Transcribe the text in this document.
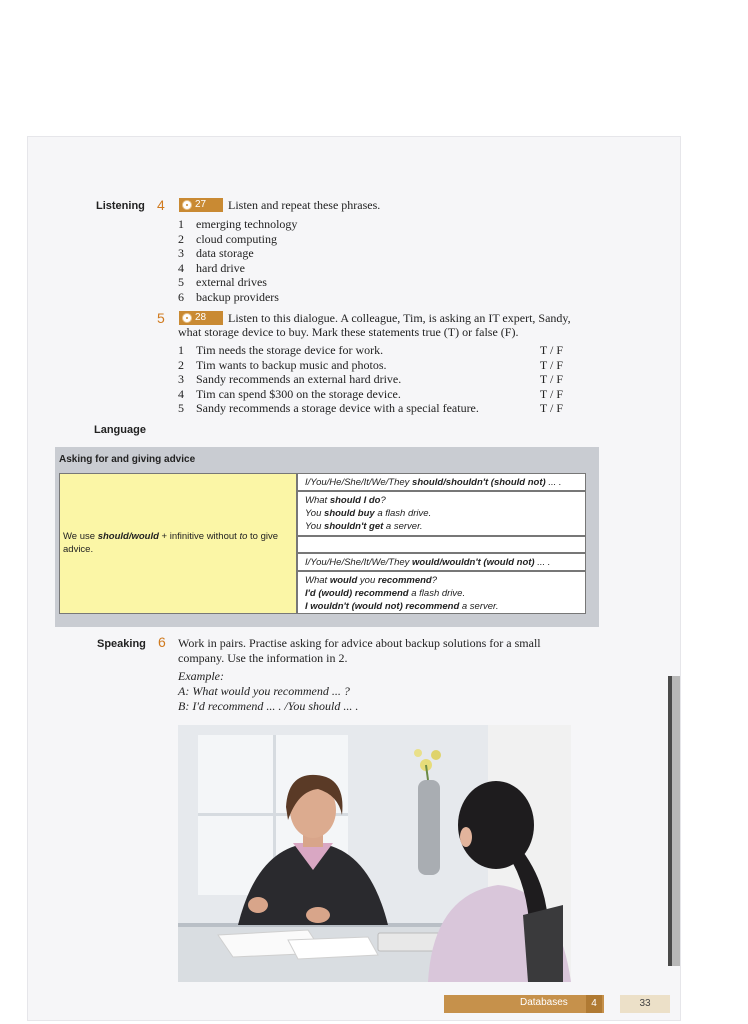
Listening 4	27 Listen and repeat these phrases.
1	emerging technology
2	cloud computing
3	data storage
4	hard drive
5	external drives
6	backup providers
5	28 Listen to this dialogue. A colleague, Tim, is asking an IT expert, Sandy,
what storage device to buy. Mark these statements true (T) or false (F).
1 Tim needs the storage device for work.	T / F
2 Tim wants to backup music and photos.	T / F
3 Sandy recommends an external hard drive.	T / F
4 Tim can spend $300 on the storage device.	T / F
5 Sandy recommends a storage device with a special feature.	T / F
Language
Asking for and giving advice
We use should/would + infinitive without to to give advice.
I/You/He/She/It/We/They should/shouldn't (should not) ... .
What should I do?
You should buy a flash drive.
You shouldn't get a server.
I/You/He/She/It/We/They would/wouldn't (would not) ... .
What would you recommend?
I'd (would) recommend a flash drive.
I wouldn't (would not) recommend a server.
Speaking 6 Work in pairs. Practise asking for advice about backup solutions for a small
company. Use the information in 2.
Example:
A: What would you recommend ... ?
B: I'd recommend ... . /You should ... .
Databases	4	33
